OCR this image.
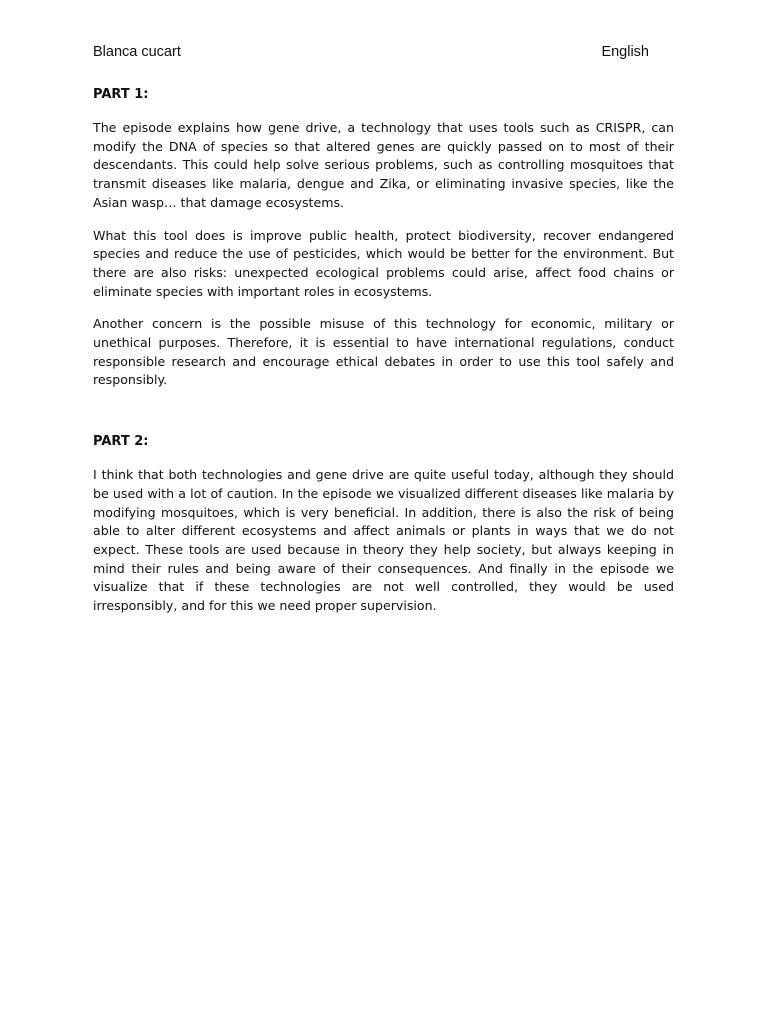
Blanca cucart	English

PART 1:

The episode explains how gene drive, a technology that uses tools such as CRISPR, can modify the DNA of species so that altered genes are quickly passed on to most of their descendants. This could help solve serious problems, such as controlling mosquitoes that transmit diseases like malaria, dengue and Zika, or eliminating invasive species, like the Asian wasp… that damage ecosystems.

What this tool does is improve public health, protect biodiversity, recover endangered species and reduce the use of pesticides, which would be better for the environment. But there are also risks: unexpected ecological problems could arise, affect food chains or eliminate species with important roles in ecosystems.

Another concern is the possible misuse of this technology for economic, military or unethical purposes. Therefore, it is essential to have international regulations, conduct responsible research and encourage ethical debates in order to use this tool safely and responsibly.

PART 2:

I think that both technologies and gene drive are quite useful today, although they should be used with a lot of caution. In the episode we visualized different diseases like malaria by modifying mosquitoes, which is very beneficial. In addition, there is also the risk of being able to alter different ecosystems and affect animals or plants in ways that we do not expect. These tools are used because in theory they help society, but always keeping in mind their rules and being aware of their consequences. And finally in the episode we visualize that if these technologies are not well controlled, they would be used irresponsibly, and for this we need proper supervision.
